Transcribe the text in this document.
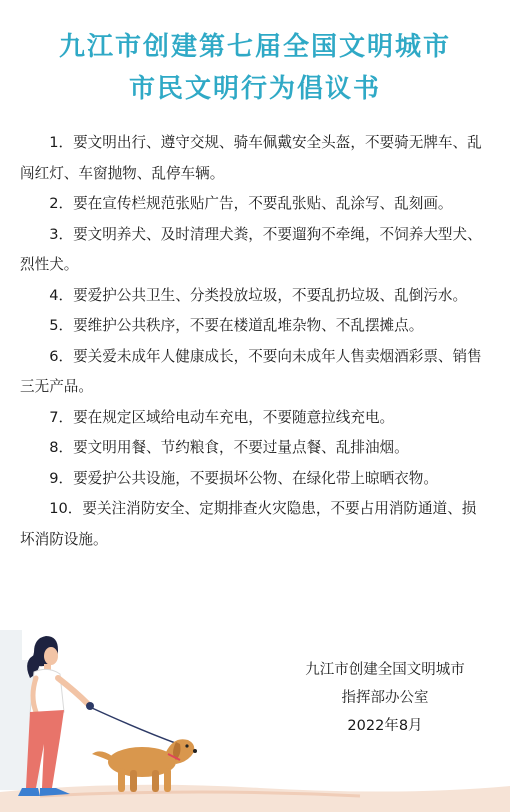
九江市创建第七届全国文明城市
市民文明行为倡议书

1．要文明出行、遵守交规、骑车佩戴安全头盔，不要骑无牌车、乱闯红灯、车窗抛物、乱停车辆。

2．要在宣传栏规范张贴广告，不要乱张贴、乱涂写、乱刻画。

3．要文明养犬、及时清理犬粪，不要遛狗不牵绳，不饲养大型犬、烈性犬。

4．要爱护公共卫生、分类投放垃圾，不要乱扔垃圾、乱倒污水。

5．要维护公共秩序，不要在楼道乱堆杂物、不乱摆摊点。

6．要关爱未成年人健康成长，不要向未成年人售卖烟酒彩票、销售三无产品。

7．要在规定区域给电动车充电，不要随意拉线充电。

8．要文明用餐、节约粮食，不要过量点餐、乱排油烟。

9．要爱护公共设施，不要损坏公物、在绿化带上晾晒衣物。

10．要关注消防安全、定期排查火灾隐患，不要占用消防通道、损坏消防设施。

九江市创建全国文明城市
指挥部办公室
2022年8月
